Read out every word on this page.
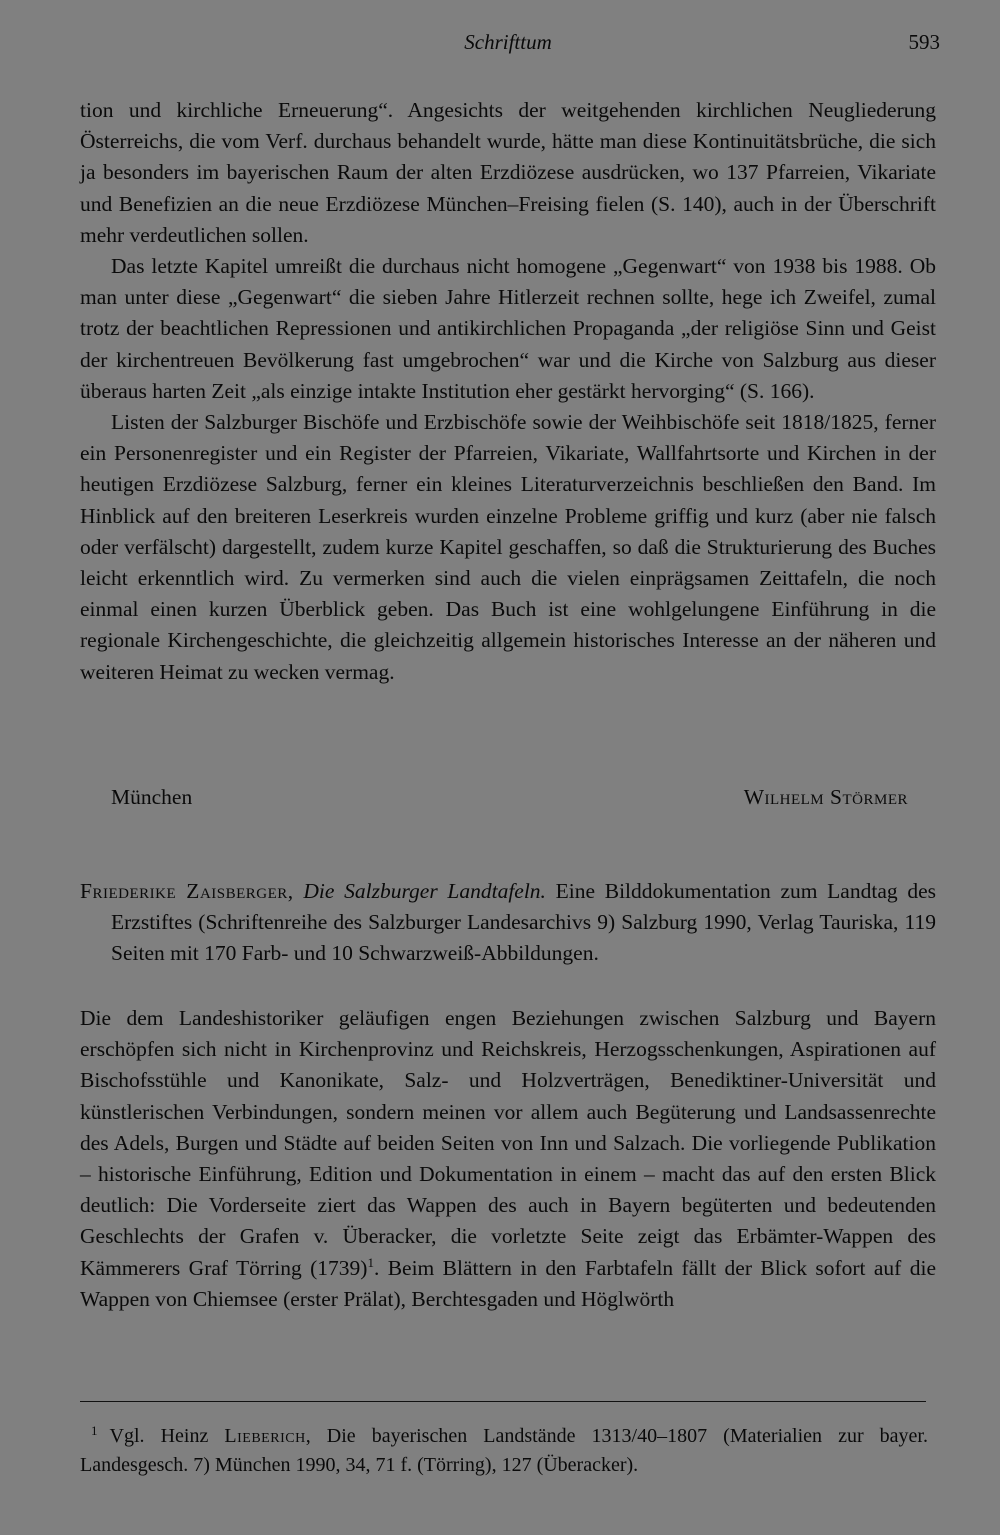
Schrifttum	593

tion und kirchliche Erneuerung“. Angesichts der weitgehenden kirchlichen Neugliederung Österreichs, die vom Verf. durchaus behandelt wurde, hätte man diese Kontinuitätsbrüche, die sich ja besonders im bayerischen Raum der alten Erzdiözese ausdrücken, wo 137 Pfarreien, Vikariate und Benefizien an die neue Erzdiözese München–Freising fielen (S. 140), auch in der Überschrift mehr verdeutlichen sollen.

Das letzte Kapitel umreißt die durchaus nicht homogene „Gegenwart“ von 1938 bis 1988. Ob man unter diese „Gegenwart“ die sieben Jahre Hitlerzeit rechnen sollte, hege ich Zweifel, zumal trotz der beachtlichen Repressionen und antikirchlichen Propaganda „der religiöse Sinn und Geist der kirchentreuen Bevölkerung fast umgebrochen“ war und die Kirche von Salzburg aus dieser überaus harten Zeit „als einzige intakte Institution eher gestärkt hervorging“ (S. 166).

Listen der Salzburger Bischöfe und Erzbischöfe sowie der Weihbischöfe seit 1818/1825, ferner ein Personenregister und ein Register der Pfarreien, Vikariate, Wallfahrtsorte und Kirchen in der heutigen Erzdiözese Salzburg, ferner ein kleines Literaturverzeichnis beschließen den Band. Im Hinblick auf den breiteren Leserkreis wurden einzelne Probleme griffig und kurz (aber nie falsch oder verfälscht) dargestellt, zudem kurze Kapitel geschaffen, so daß die Strukturierung des Buches leicht erkenntlich wird. Zu vermerken sind auch die vielen einprägsamen Zeittafeln, die noch einmal einen kurzen Überblick geben. Das Buch ist eine wohlgelungene Einführung in die regionale Kirchengeschichte, die gleichzeitig allgemein historisches Interesse an der näheren und weiteren Heimat zu wecken vermag.

München	Wilhelm Störmer
Friederike Zaisberger, Die Salzburger Landtafeln. Eine Bilddokumentation zum Landtag des Erzstiftes (Schriftenreihe des Salzburger Landesarchivs 9) Salzburg 1990, Verlag Tauriska, 119 Seiten mit 170 Farb- und 10 Schwarzweiß-Abbildungen.

Die dem Landeshistoriker geläufigen engen Beziehungen zwischen Salzburg und Bayern erschöpfen sich nicht in Kirchenprovinz und Reichskreis, Herzogsschenkungen, Aspirationen auf Bischofsstühle und Kanonikate, Salz- und Holzverträgen, Benediktiner-Universität und künstlerischen Verbindungen, sondern meinen vor allem auch Begüterung und Landsassenrechte des Adels, Burgen und Städte auf beiden Seiten von Inn und Salzach. Die vorliegende Publikation – historische Einführung, Edition und Dokumentation in einem – macht das auf den ersten Blick deutlich: Die Vorderseite ziert das Wappen des auch in Bayern begüterten und bedeutenden Geschlechts der Grafen v. Überacker, die vorletzte Seite zeigt das Erbämter-Wappen des Kämmerers Graf Törring $(1739)^1$. Beim Blättern in den Farbtafeln fällt der Blick sofort auf die Wappen von Chiemsee (erster Prälat), Berchtesgaden und Höglwörth

$^1$ Vgl. Heinz Lieberich, Die bayerischen Landstände 1313/40–1807 (Materialien zur bayer. Landesgesch. 7) München 1990, 34, 71 f. (Törring), 127 (Überacker).
